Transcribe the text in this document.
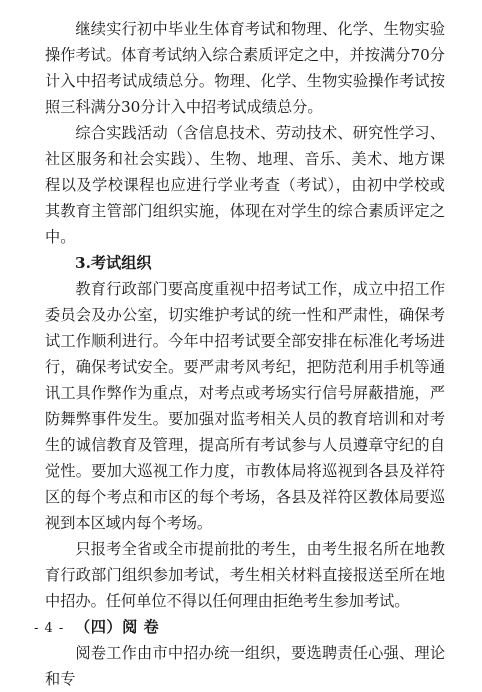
继续实行初中毕业生体育考试和物理、化学、生物实验操作考试。体育考试纳入综合素质评定之中，并按满分70分计入中招考试成绩总分。物理、化学、生物实验操作考试按照三科满分30分计入中招考试成绩总分。

综合实践活动（含信息技术、劳动技术、研究性学习、社区服务和社会实践）、生物、地理、音乐、美术、地方课程以及学校课程也应进行学业考查（考试），由初中学校或其教育主管部门组织实施，体现在对学生的综合素质评定之中。

3.考试组织

教育行政部门要高度重视中招考试工作，成立中招工作委员会及办公室，切实维护考试的统一性和严肃性，确保考试工作顺利进行。今年中招考试要全部安排在标准化考场进行，确保考试安全。要严肃考风考纪，把防范利用手机等通讯工具作弊作为重点，对考点或考场实行信号屏蔽措施，严防舞弊事件发生。要加强对监考相关人员的教育培训和对考生的诚信教育及管理，提高所有考试参与人员遵章守纪的自觉性。要加大巡视工作力度，市教体局将巡视到各县及祥符区的每个考点和市区的每个考场，各县及祥符区教体局要巡视到本区域内每个考场。

只报考全省或全市提前批的考生，由考生报名所在地教育行政部门组织参加考试，考生相关材料直接报送至所在地中招办。任何单位不得以任何理由拒绝考生参加考试。

（四）阅 卷

阅卷工作由市中招办统一组织，要选聘责任心强、理论和专

- 4 -
